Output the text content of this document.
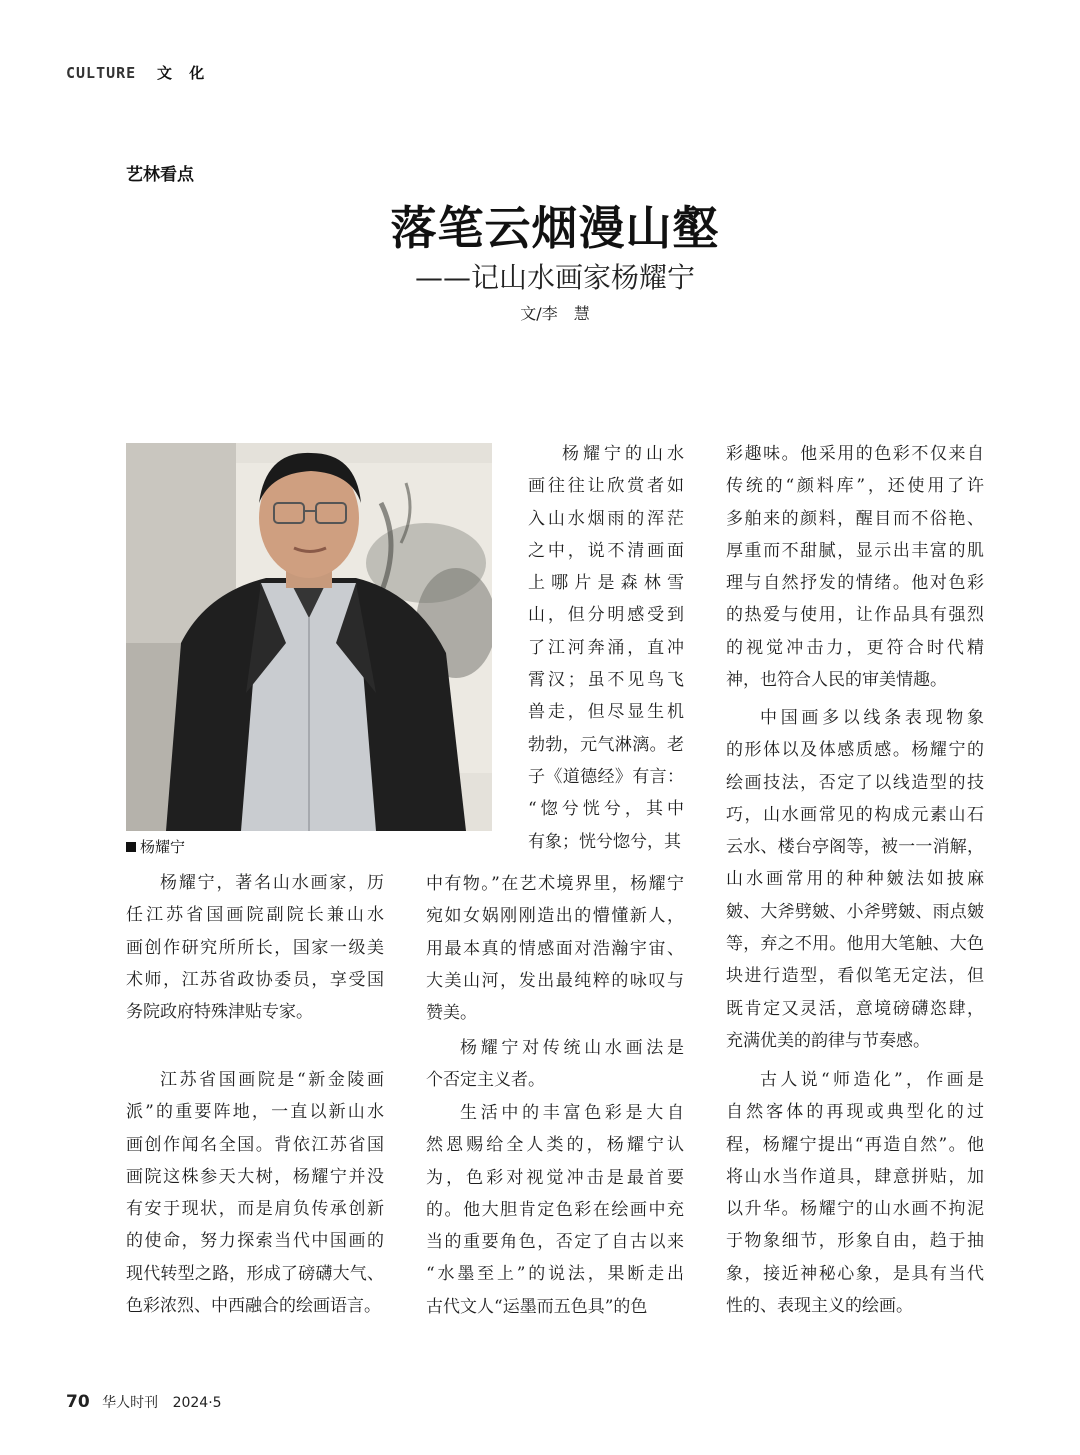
CULTURE 文 化
艺林看点
落笔云烟漫山壑
——记山水画家杨耀宁
文/李　慧
杨耀宁
杨耀宁，著名山水画家，历
任江苏省国画院副院长兼山水
画创作研究所所长，国家一级美
术师，江苏省政协委员，享受国
务院政府特殊津贴专家。
江苏省国画院是“新金陵画
派”的重要阵地，一直以新山水
画创作闻名全国。背依江苏省国
画院这株参天大树，杨耀宁并没
有安于现状，而是肩负传承创新
的使命，努力探索当代中国画的
现代转型之路，形成了磅礴大气、
色彩浓烈、中西融合的绘画语言。
杨耀宁的山水
画往往让欣赏者如
入山水烟雨的浑茫
之中，说不清画面
上哪片是森林雪
山，但分明感受到
了江河奔涌，直冲
霄汉；虽不见鸟飞
兽走，但尽显生机
勃勃，元气淋漓。老
子《道德经》有言：
“惚兮恍兮，其中
有象；恍兮惚兮，其
中有物。”在艺术境界里，杨耀宁
宛如女娲刚刚造出的懵懂新人，
用最本真的情感面对浩瀚宇宙、
大美山河，发出最纯粹的咏叹与
赞美。
杨耀宁对传统山水画法是
个否定主义者。
生活中的丰富色彩是大自
然恩赐给全人类的，杨耀宁认
为，色彩对视觉冲击是最首要
的。他大胆肯定色彩在绘画中充
当的重要角色，否定了自古以来
“水墨至上”的说法，果断走出
古代文人“运墨而五色具”的色
彩趣味。他采用的色彩不仅来自
传统的“颜料库”，还使用了许
多舶来的颜料，醒目而不俗艳、
厚重而不甜腻，显示出丰富的肌
理与自然抒发的情绪。他对色彩
的热爱与使用，让作品具有强烈
的视觉冲击力，更符合时代精
神，也符合人民的审美情趣。
中国画多以线条表现物象
的形体以及体感质感。杨耀宁的
绘画技法，否定了以线造型的技
巧，山水画常见的构成元素山石
云水、楼台亭阁等，被一一消解，
山水画常用的种种皴法如披麻
皴、大斧劈皴、小斧劈皴、雨点皴
等，弃之不用。他用大笔触、大色
块进行造型，看似笔无定法，但
既肯定又灵活，意境磅礴恣肆，
充满优美的韵律与节奏感。
古人说“师造化”，作画是
自然客体的再现或典型化的过
程，杨耀宁提出“再造自然”。他
将山水当作道具，肆意拼贴，加
以升华。杨耀宁的山水画不拘泥
于物象细节，形象自由，趋于抽
象，接近神秘心象，是具有当代
性的、表现主义的绘画。
70 华人时刊 2024·5
